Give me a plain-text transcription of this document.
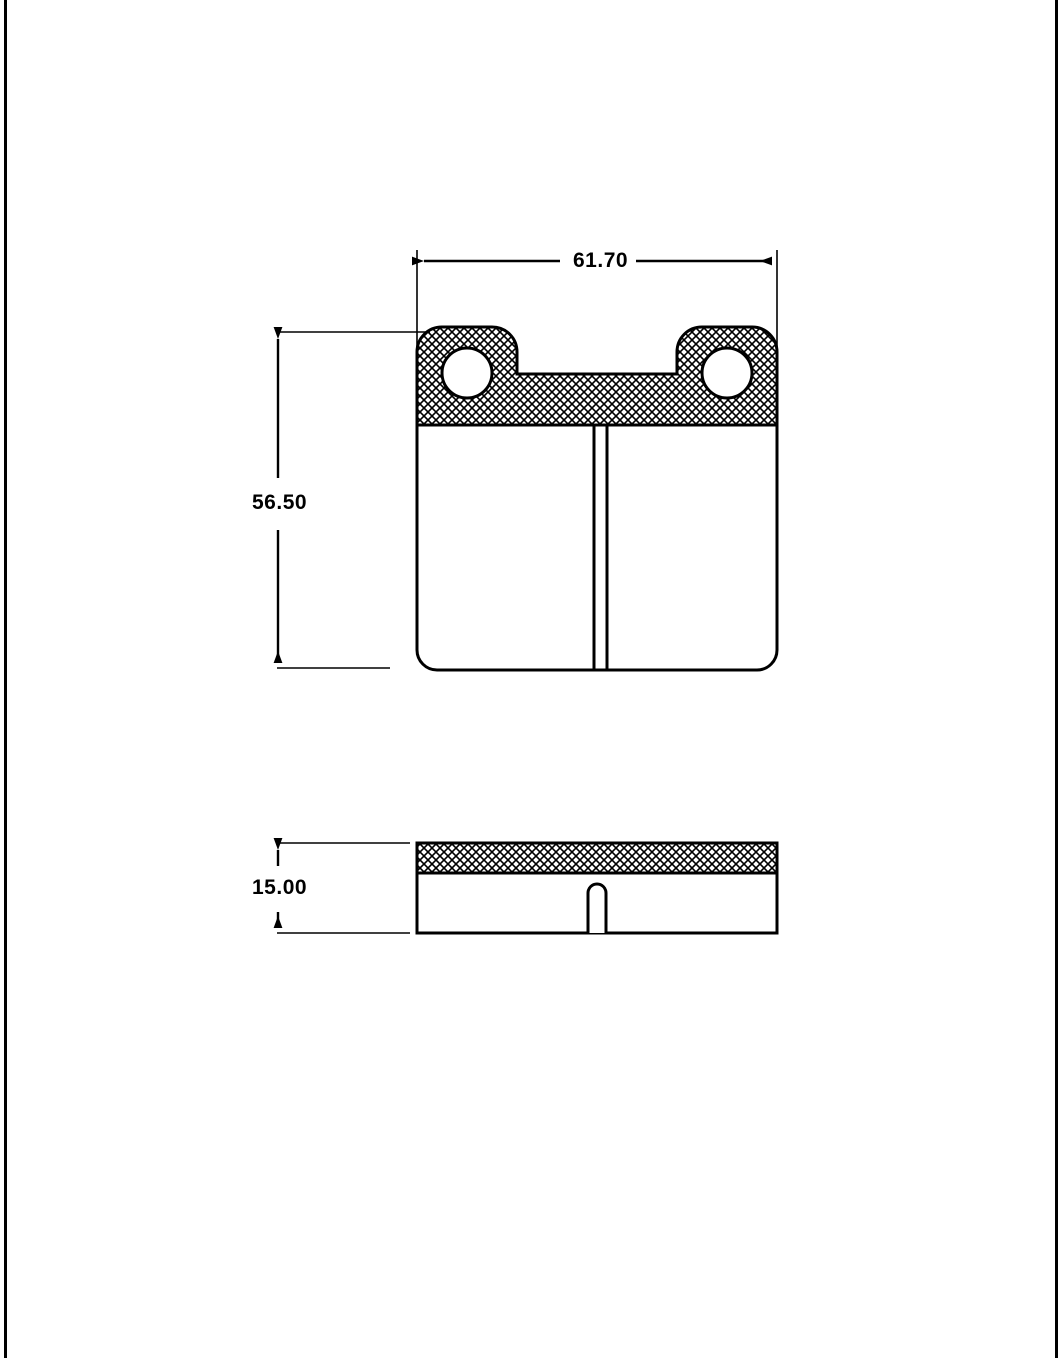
61.70
56.50
15.00
